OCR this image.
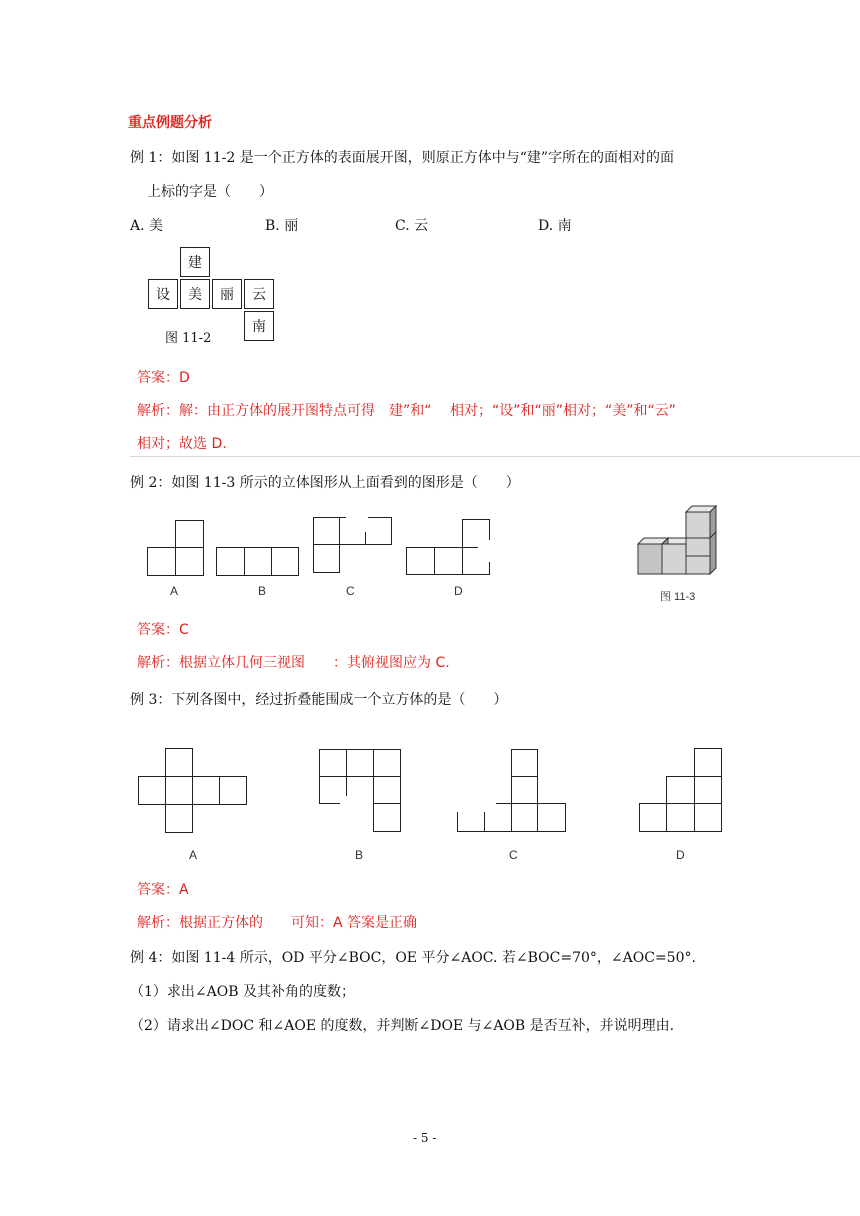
重点例题分析
例 1：如图 11-2 是一个正方体的表面展开图，则原正方体中与“建”字所在的面相对的面
上标的字是（　　）
A. 美	B. 丽	C. 云	D. 南
建
设	美	丽	云
南
图 11-2
答案：D
解析：解：由正方体的展开图特点可得　建”和“　 相对；“设”和“丽”相对；“美”和“云”
相对；故选 D.
例 2：如图 11-3 所示的立体图形从上面看到的图形是（　　）
A	B	C	D	图 11-3
答案：C
解析：根据立体几何三视图　　：其俯视图应为 C.
例 3：下列各图中，经过折叠能围成一个立方体的是（　　）
A	B	C	D
答案：A
解析：根据正方体的　　可知：A 答案是正确
例 4：如图 11-4 所示，OD 平分∠BOC，OE 平分∠AOC. 若∠BOC=70°，∠AOC=50°.
（1）求出∠AOB 及其补角的度数；
（2）请求出∠DOC 和∠AOE 的度数，并判断∠DOE 与∠AOB 是否互补，并说明理由.
- 5 -
